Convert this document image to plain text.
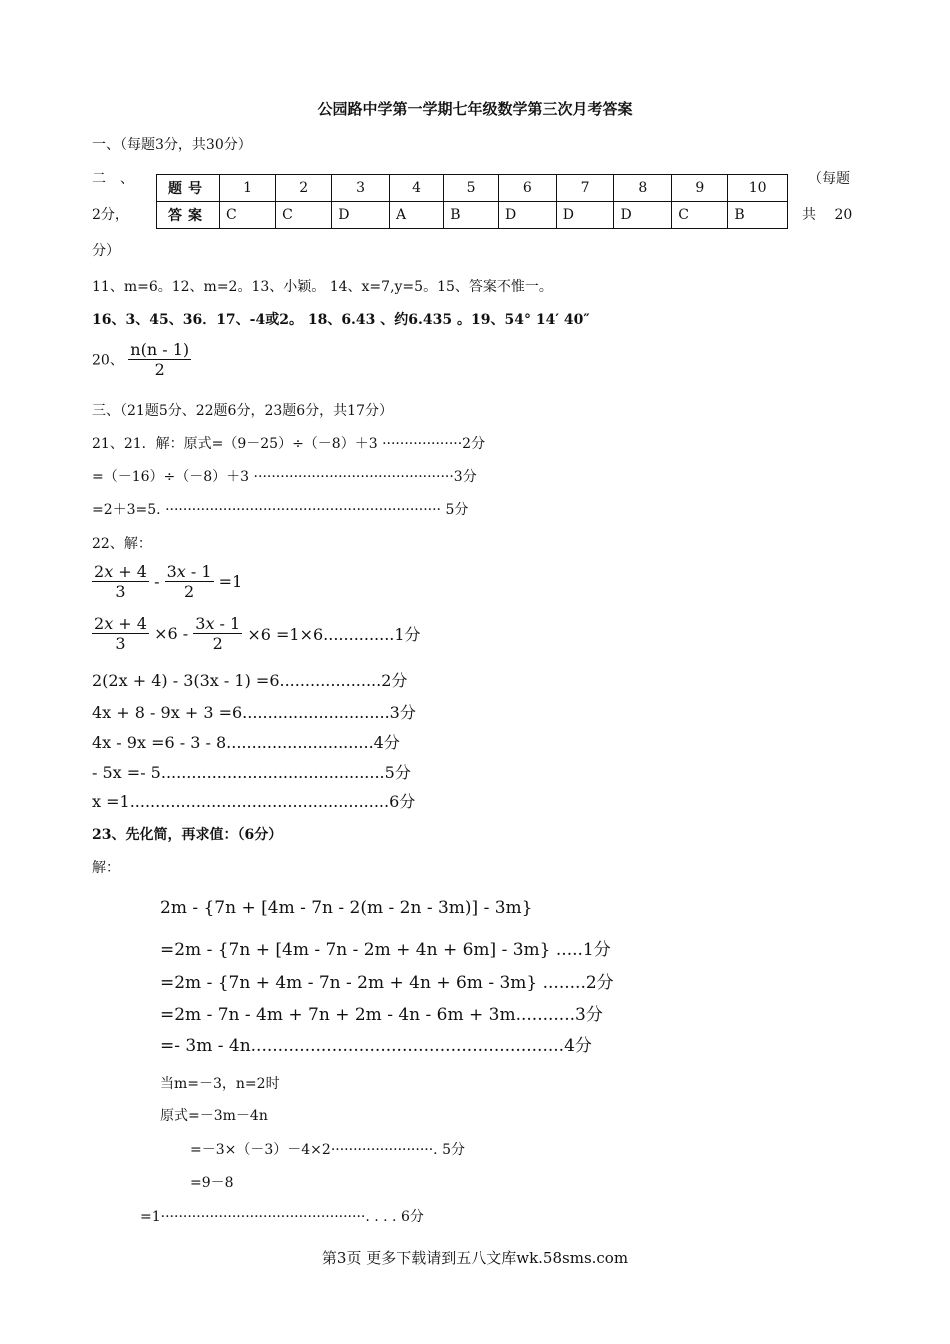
公园路中学第一学期七年级数学第三次月考答案
一、（每题3分，共30分）
二　、	（每题
2分，	共　 20
分）
题号	1	2	3	4	5	6	7	8	9	10
答案	C	C	D	A	B	D	D	D	C	B
11、m=6。12、m=2。13、小颖。 14、x=7,y=5。15、答案不惟一。
16、3、45、36．17、-4或2。 18、6.43 、约6.435 。19、54° 14′ 40″
20、 $\frac{n(n - 1)}{2}$
三、（21题5分、22题6分，23题6分，共17分）
21、21．解：原式=（9－25）÷（－8）＋3 ··················2分
=（－16）÷（－8）＋3 ·············································3分
=2＋3=5. ······························································ 5分
22、解：
$\frac{2x + 4}{3} - \frac{3x - 1}{2} =1$
$\frac{2x + 4}{3} \times 6 - \frac{3x - 1}{2} \times 6 =1\times 6..............1$分
2(2x + 4) - 3(3x - 1) =6....................2分
4x + 8 - 9x + 3 =6.............................3分
4x - 9x =6 - 3 - 8.............................4分
- 5x =- 5............................................5分
x =1...................................................6分
23、先化简，再求值：（6分）
解：
2m - {7n + [4m - 7n - 2(m - 2n - 3m)] - 3m}
=2m - {7n + [4m - 7n - 2m + 4n + 6m] - 3m} .....1分
=2m - {7n + 4m - 7n - 2m + 4n + 6m - 3m} ........2分
=2m - 7n - 4m + 7n + 2m - 4n - 6m + 3m...........3分
=- 3m - 4n..........................................................4分
当m=－3，n=2时
原式=－3m－4n
=－3×（－3）－4×2·······················. 5分
=9－8
=1··············································. . . . 6分
第3页 更多下载请到五八文库wk.58sms.com
